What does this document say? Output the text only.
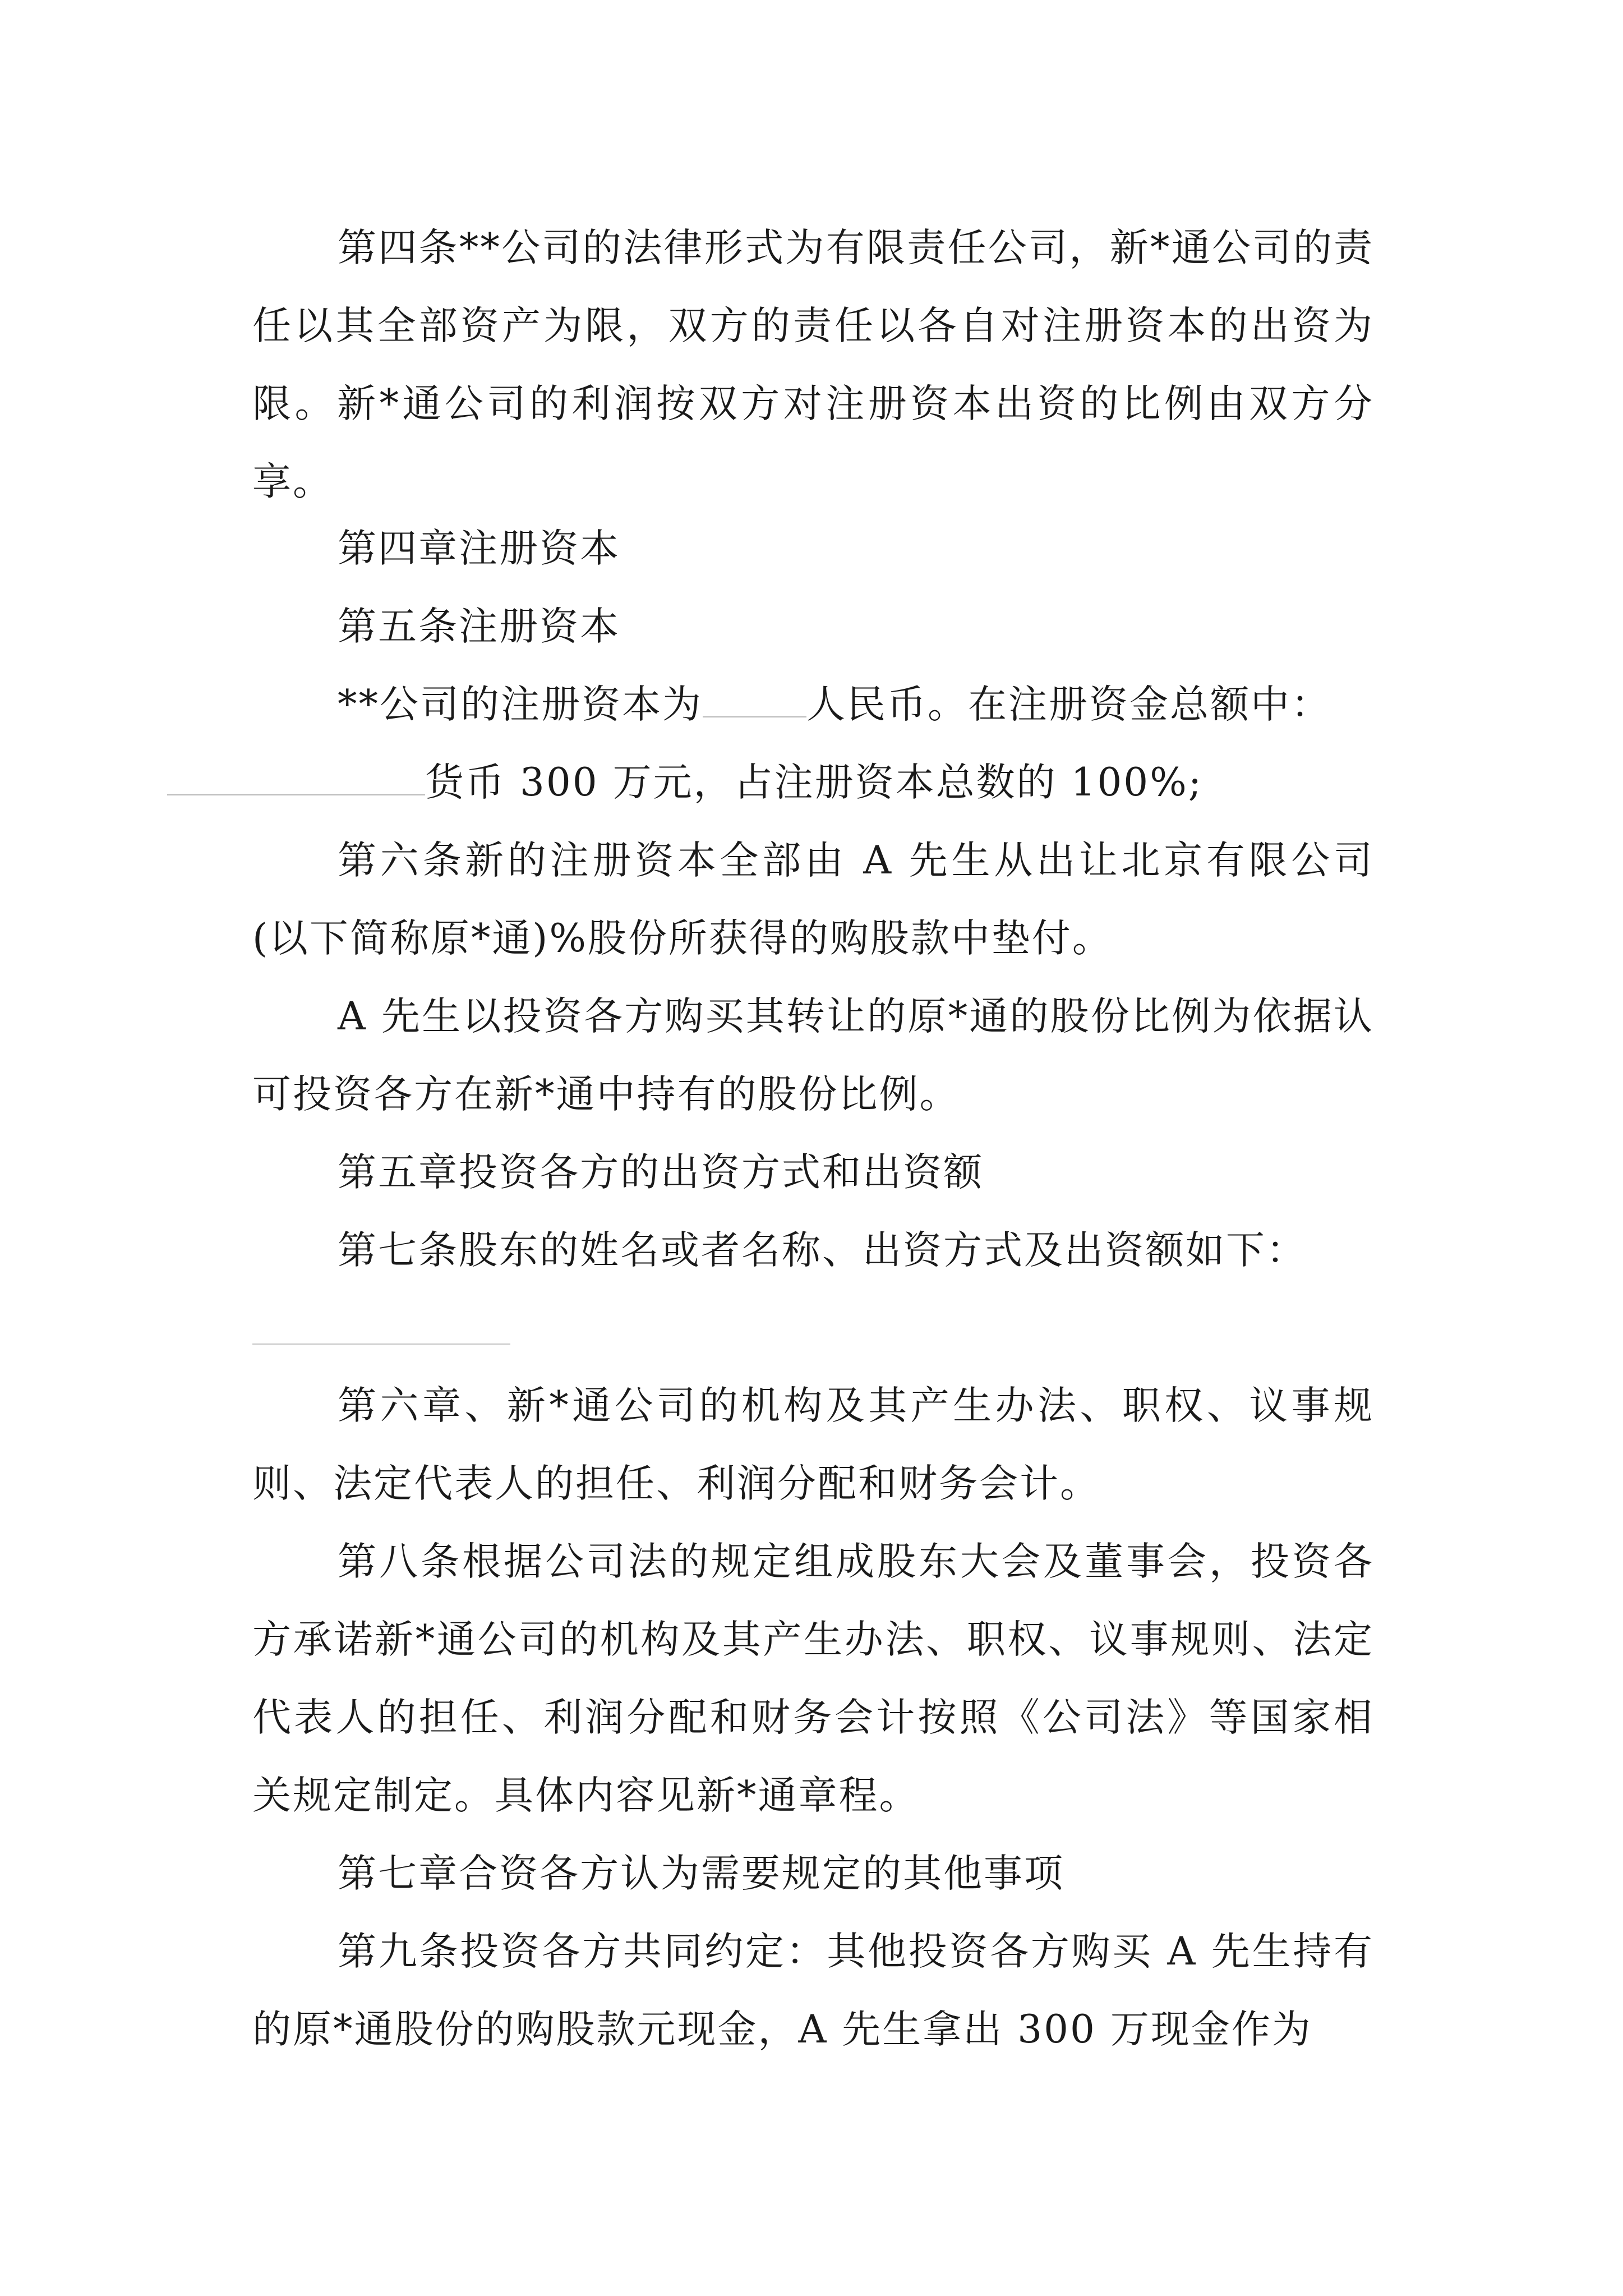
第四条**公司的法律形式为有限责任公司，新*通公司的责任以其全部资产为限，双方的责任以各自对注册资本的出资为限。新*通公司的利润按双方对注册资本出资的比例由双方分享。

第四章注册资本

第五条注册资本

**公司的注册资本为	人民币。在注册资金总额中：
货币 300 万元，占注册资本总数的 100%;

第六条新的注册资本全部由 A 先生从出让北京有限公司(以下简称原*通)%股份所获得的购股款中垫付。

A 先生以投资各方购买其转让的原*通的股份比例为依据认可投资各方在新*通中持有的股份比例。

第五章投资各方的出资方式和出资额

第七条股东的姓名或者名称、出资方式及出资额如下：

第六章、新*通公司的机构及其产生办法、职权、议事规则、法定代表人的担任、利润分配和财务会计。

第八条根据公司法的规定组成股东大会及董事会，投资各方承诺新*通公司的机构及其产生办法、职权、议事规则、法定代表人的担任、利润分配和财务会计按照《公司法》等国家相关规定制定。具体内容见新*通章程。

第七章合资各方认为需要规定的其他事项

第九条投资各方共同约定：其他投资各方购买 A 先生持有的原*通股份的购股款元现金，A 先生拿出 300 万现金作为
